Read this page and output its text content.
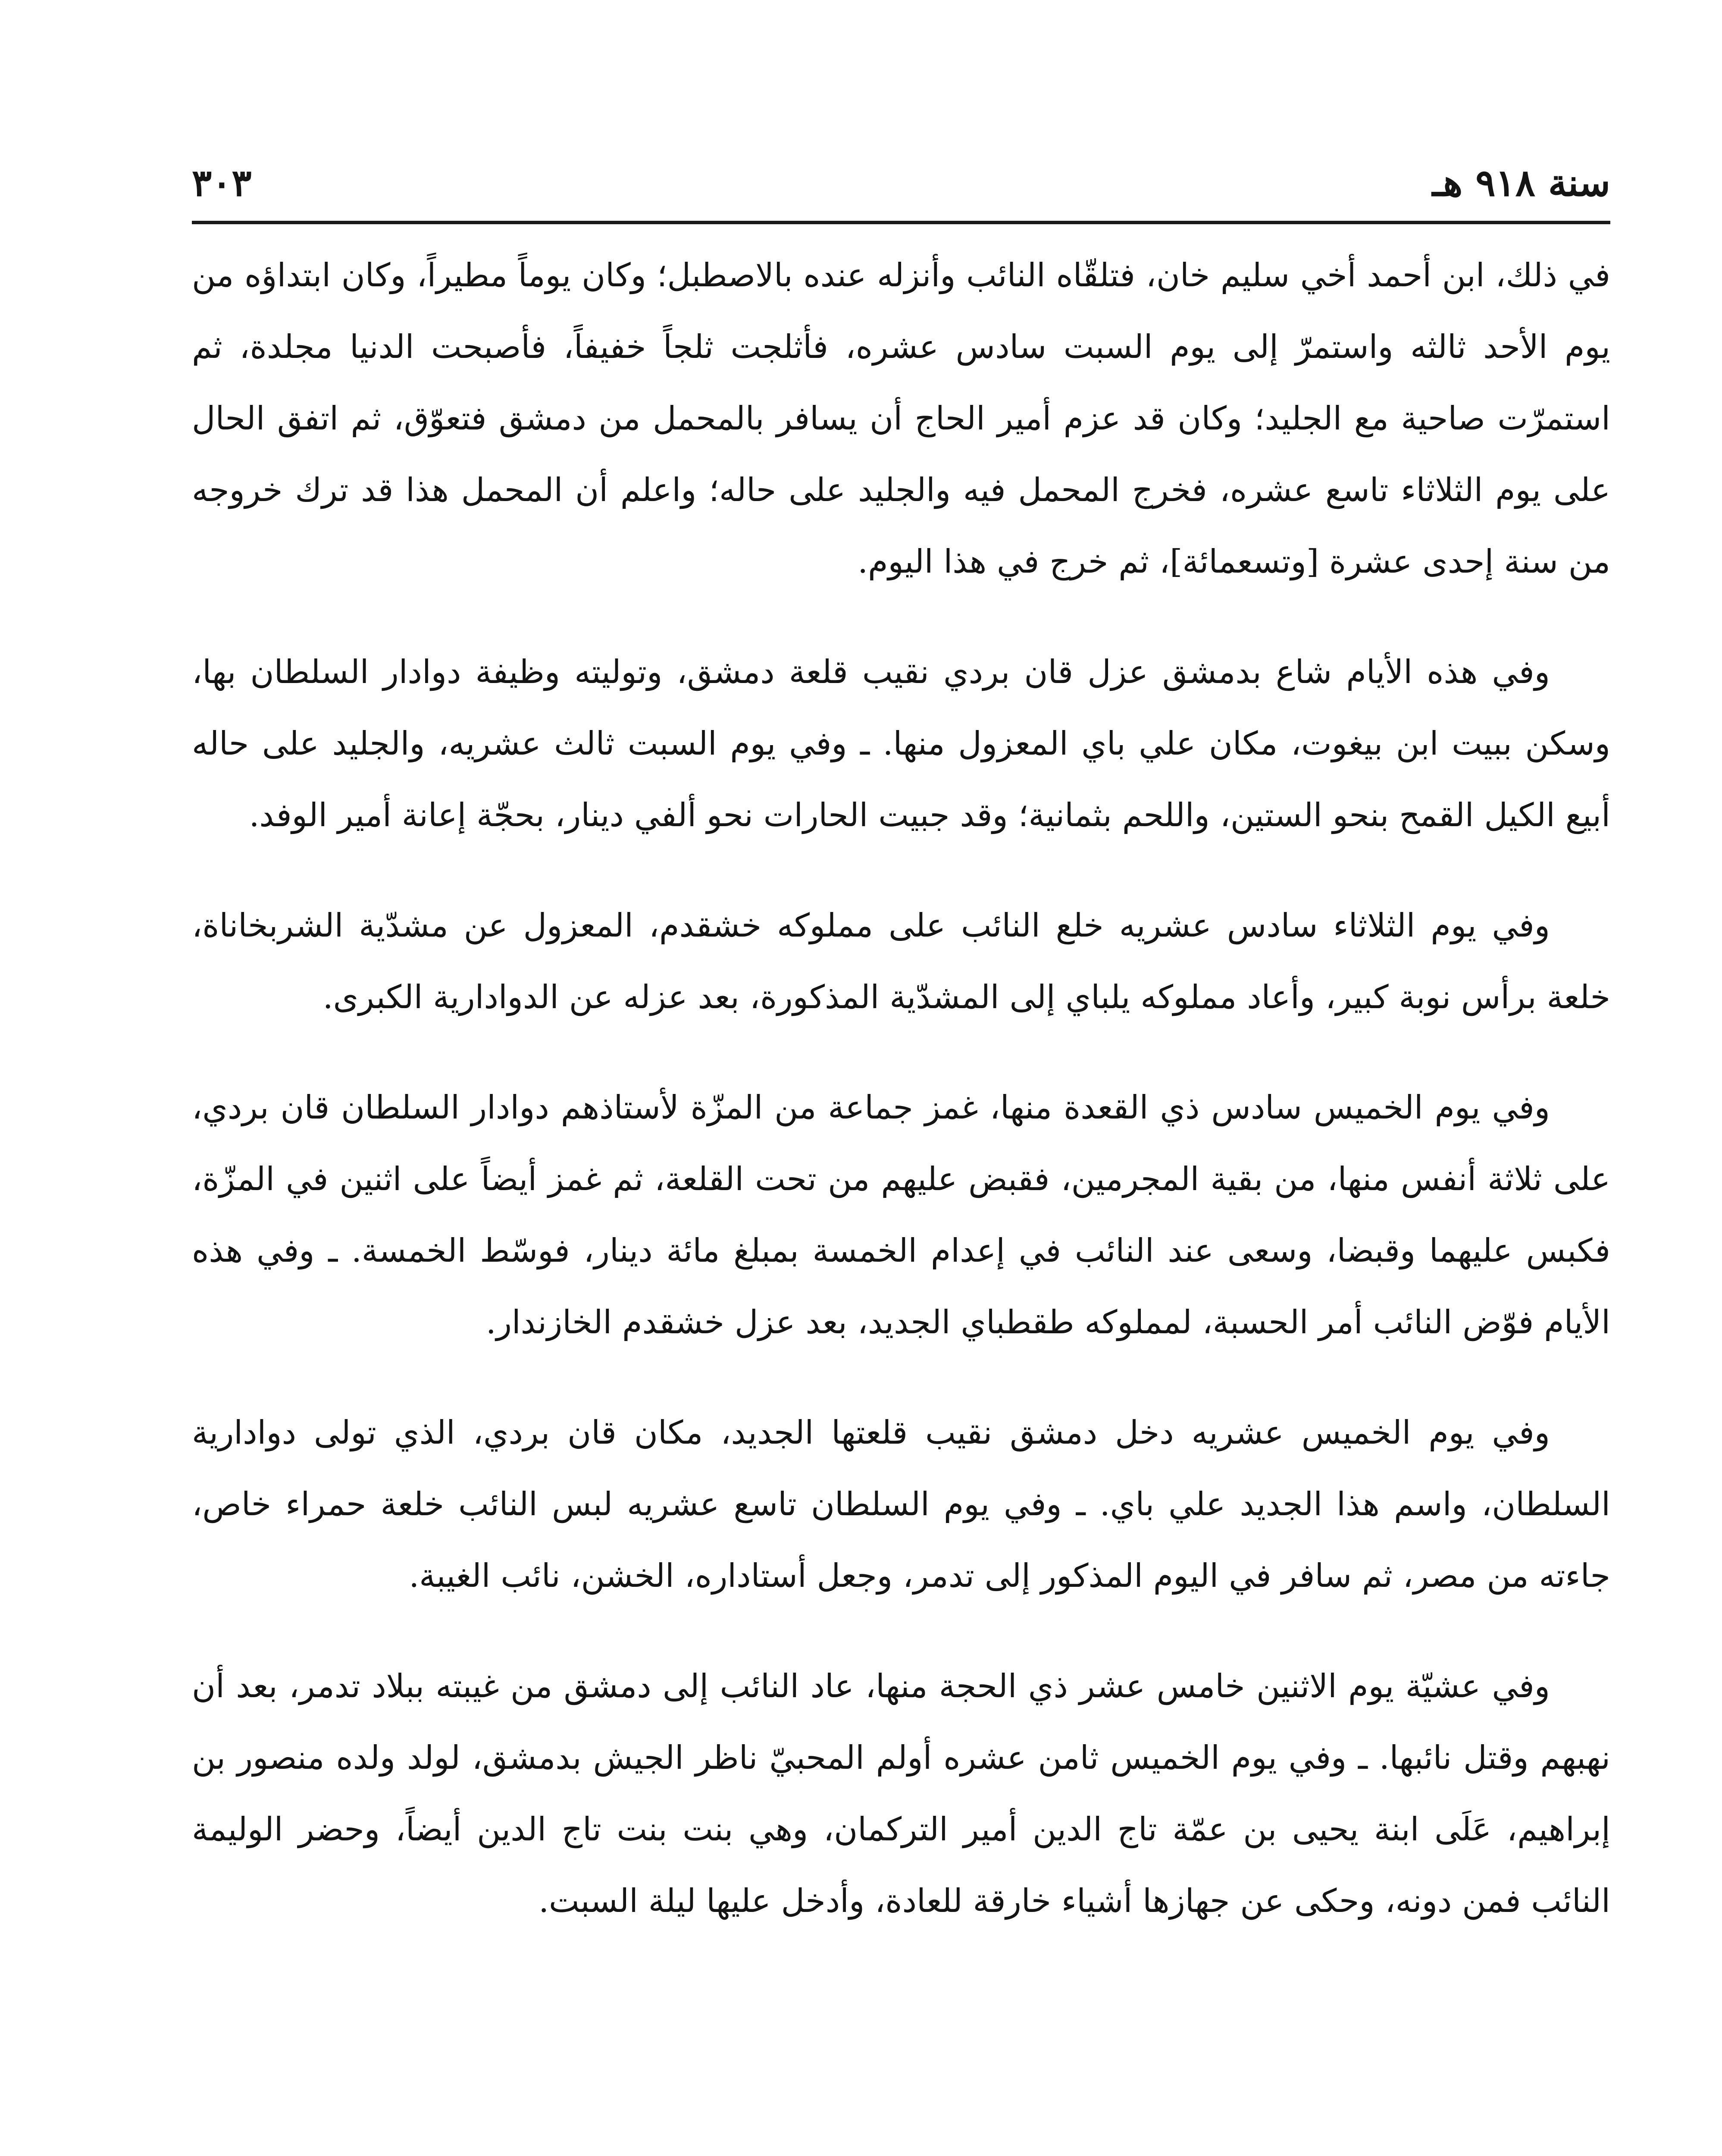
سنة ٩١٨ هـ
٣٠٣

في ذلك، ابن أحمد أخي سليم خان، فتلقّاه النائب وأنزله عنده بالاصطبل؛ وكان يوماً مطيراً، وكان ابتداؤه من يوم الأحد ثالثه واستمرّ إلى يوم السبت سادس عشره، فأثلجت ثلجاً خفيفاً، فأصبحت الدنيا مجلدة، ثم استمرّت صاحية مع الجليد؛ وكان قد عزم أمير الحاج أن يسافر بالمحمل من دمشق فتعوّق، ثم اتفق الحال على يوم الثلاثاء تاسع عشره، فخرج المحمل فيه والجليد على حاله؛ واعلم أن المحمل هذا قد ترك خروجه من سنة إحدى عشرة [وتسعمائة]، ثم خرج في هذا اليوم.

وفي هذه الأيام شاع بدمشق عزل قان بردي نقيب قلعة دمشق، وتوليته وظيفة دوادار السلطان بها، وسكن ببيت ابن بيغوت، مكان علي باي المعزول منها. ـ وفي يوم السبت ثالث عشريه، والجليد على حاله أبيع الكيل القمح بنحو الستين، واللحم بثمانية؛ وقد جبيت الحارات نحو ألفي دينار، بحجّة إعانة أمير الوفد.

وفي يوم الثلاثاء سادس عشريه خلع النائب على مملوكه خشقدم، المعزول عن مشدّية الشربخاناة، خلعة برأس نوبة كبير، وأعاد مملوكه يلباي إلى المشدّية المذكورة، بعد عزله عن الدوادارية الكبرى.

وفي يوم الخميس سادس ذي القعدة منها، غمز جماعة من المزّة لأستاذهم دوادار السلطان قان بردي، على ثلاثة أنفس منها، من بقية المجرمين، فقبض عليهم من تحت القلعة، ثم غمز أيضاً على اثنين في المزّة، فكبس عليهما وقبضا، وسعى عند النائب في إعدام الخمسة بمبلغ مائة دينار، فوسّط الخمسة. ـ وفي هذه الأيام فوّض النائب أمر الحسبة، لمملوكه طقطباي الجديد، بعد عزل خشقدم الخازندار.

وفي يوم الخميس عشريه دخل دمشق نقيب قلعتها الجديد، مكان قان بردي، الذي تولى دوادارية السلطان، واسم هذا الجديد علي باي. ـ وفي يوم السلطان تاسع عشريه لبس النائب خلعة حمراء خاص، جاءته من مصر، ثم سافر في اليوم المذكور إلى تدمر، وجعل أستاداره، الخشن، نائب الغيبة.

وفي عشيّة يوم الاثنين خامس عشر ذي الحجة منها، عاد النائب إلى دمشق من غيبته ببلاد تدمر، بعد أن نهبهم وقتل نائبها. ـ وفي يوم الخميس ثامن عشره أولم المحبيّ ناظر الجيش بدمشق، لولد ولده منصور بن إبراهيم، عَلَى ابنة يحيى بن عمّة تاج الدين أمير التركمان، وهي بنت بنت تاج الدين أيضاً، وحضر الوليمة النائب فمن دونه، وحكى عن جهازها أشياء خارقة للعادة، وأدخل عليها ليلة السبت.
